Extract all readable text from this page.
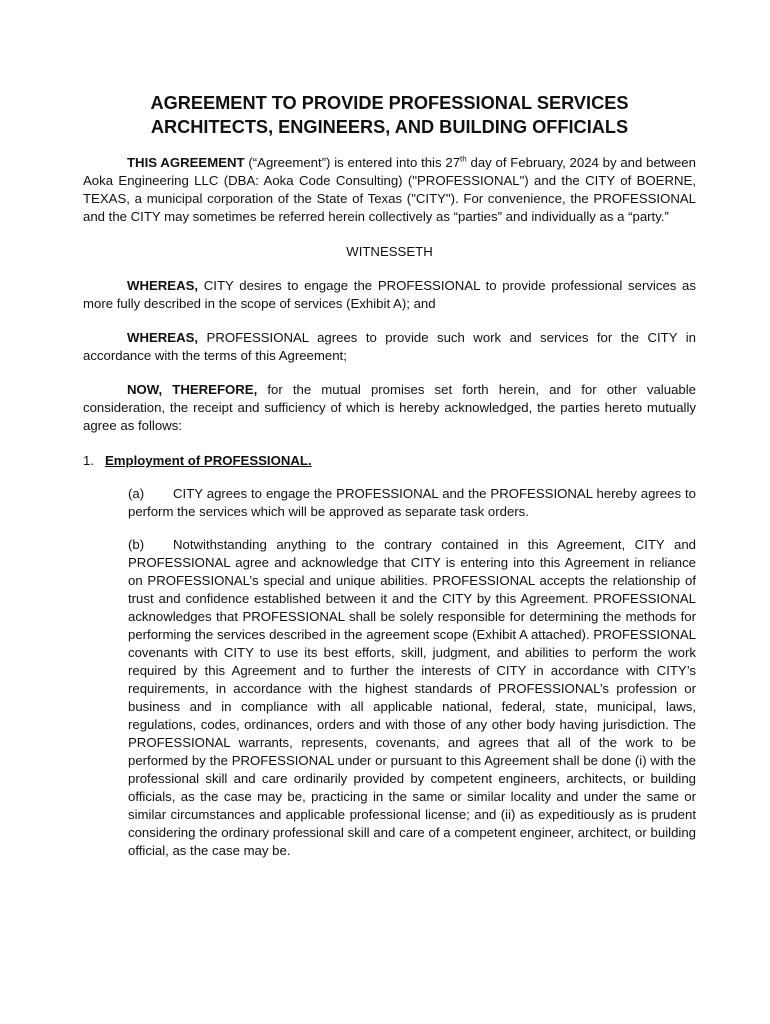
AGREEMENT TO PROVIDE PROFESSIONAL SERVICES
ARCHITECTS, ENGINEERS, AND BUILDING OFFICIALS

THIS AGREEMENT (“Agreement”) is entered into this 27th day of February, 2024 by and between Aoka Engineering LLC (DBA: Aoka Code Consulting) ("PROFESSIONAL") and the CITY of BOERNE, TEXAS, a municipal corporation of the State of Texas ("CITY"). For convenience, the PROFESSIONAL and the CITY may sometimes be referred herein collectively as “parties” and individually as a “party.”

WITNESSETH

WHEREAS, CITY desires to engage the PROFESSIONAL to provide professional services as more fully described in the scope of services (Exhibit A); and

WHEREAS, PROFESSIONAL agrees to provide such work and services for the CITY in accordance with the terms of this Agreement;

NOW, THEREFORE, for the mutual promises set forth herein, and for other valuable consideration, the receipt and sufficiency of which is hereby acknowledged, the parties hereto mutually agree as follows:

1. Employment of PROFESSIONAL.

(a) CITY agrees to engage the PROFESSIONAL and the PROFESSIONAL hereby agrees to perform the services which will be approved as separate task orders.

(b) Notwithstanding anything to the contrary contained in this Agreement, CITY and PROFESSIONAL agree and acknowledge that CITY is entering into this Agreement in reliance on PROFESSIONAL’s special and unique abilities. PROFESSIONAL accepts the relationship of trust and confidence established between it and the CITY by this Agreement. PROFESSIONAL acknowledges that PROFESSIONAL shall be solely responsible for determining the methods for performing the services described in the agreement scope (Exhibit A attached). PROFESSIONAL covenants with CITY to use its best efforts, skill, judgment, and abilities to perform the work required by this Agreement and to further the interests of CITY in accordance with CITY’s requirements, in accordance with the highest standards of PROFESSIONAL’s profession or business and in compliance with all applicable national, federal, state, municipal, laws, regulations, codes, ordinances, orders and with those of any other body having jurisdiction. The PROFESSIONAL warrants, represents, covenants, and agrees that all of the work to be performed by the PROFESSIONAL under or pursuant to this Agreement shall be done (i) with the professional skill and care ordinarily provided by competent engineers, architects, or building officials, as the case may be, practicing in the same or similar locality and under the same or similar circumstances and applicable professional license; and (ii) as expeditiously as is prudent considering the ordinary professional skill and care of a competent engineer, architect, or building official, as the case may be.
